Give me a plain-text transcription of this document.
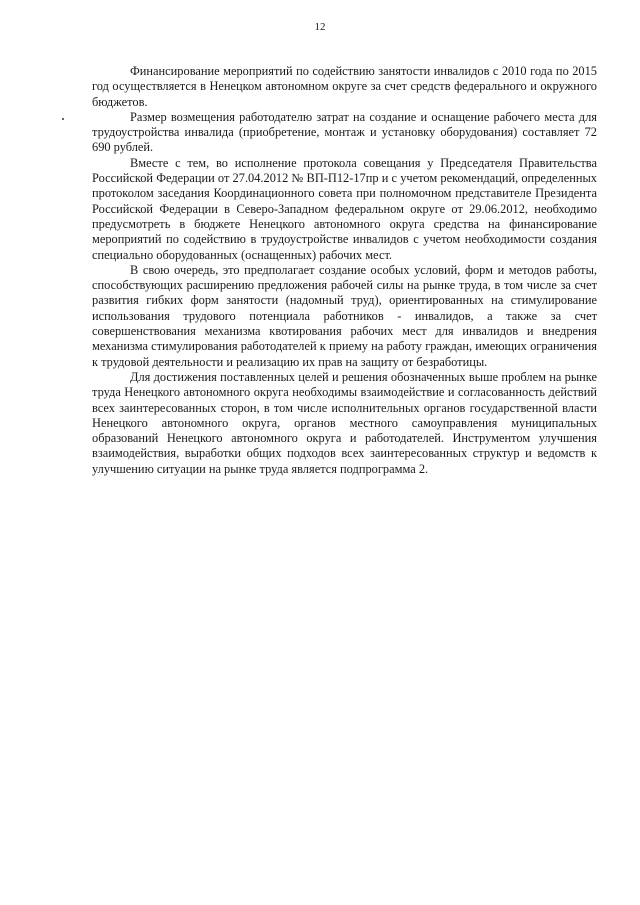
12

Финансирование мероприятий по содействию занятости инвалидов с 2010 года по 2015 год осуществляется в Ненецком автономном округе за счет средств федерального и окружного бюджетов.

Размер возмещения работодателю затрат на создание и оснащение рабочего места для трудоустройства инвалида (приобретение, монтаж и установку оборудования) составляет 72 690 рублей.

Вместе с тем, во исполнение протокола совещания у Председателя Правительства Российской Федерации от 27.04.2012 № ВП-П12-17пр и с учетом рекомендаций, определенных протоколом заседания Координационного совета при полномочном представителе Президента Российской Федерации в Северо-Западном федеральном округе от 29.06.2012, необходимо предусмотреть в бюджете Ненецкого автономного округа средства на финансирование мероприятий по содействию в трудоустройстве инвалидов с учетом необходимости создания специально оборудованных (оснащенных) рабочих мест.

В свою очередь, это предполагает создание особых условий, форм и методов работы, способствующих расширению предложения рабочей силы на рынке труда, в том числе за счет развития гибких форм занятости (надомный труд), ориентированных на стимулирование использования трудового потенциала работников - инвалидов, а также за счет совершенствования механизма квотирования рабочих мест для инвалидов и внедрения механизма стимулирования работодателей к приему на работу граждан, имеющих ограничения к трудовой деятельности и реализацию их прав на защиту от безработицы.

Для достижения поставленных целей и решения обозначенных выше проблем на рынке труда Ненецкого автономного округа необходимы взаимодействие и согласованность действий всех заинтересованных сторон, в том числе исполнительных органов государственной власти Ненецкого автономного округа, органов местного самоуправления муниципальных образований Ненецкого автономного округа и работодателей. Инструментом улучшения взаимодействия, выработки общих подходов всех заинтересованных структур и ведомств к улучшению ситуации на рынке труда является подпрограмма 2.
